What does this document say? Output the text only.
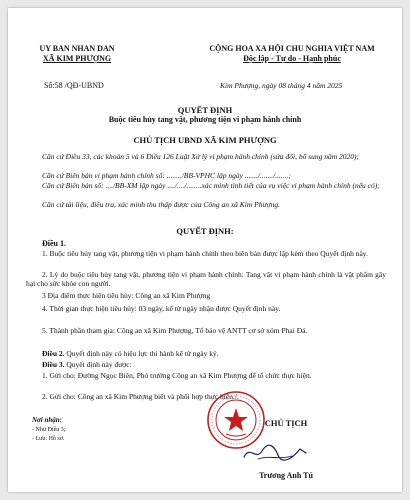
UY BAN NHAN DAN
XÃ KIM PHƯỢNG
CỘNG HOA XA HỘI CHU NGHIA VIỆT NAM
Độc lập - Tự do - Hạnh phúc
Số:58 /QĐ-UBND	Kim Phượng, ngày 08 tháng 4 năm 2025
QUYẾT ĐỊNH
Buộc tiêu hủy tang vật, phương tiện vi phạm hành chính
CHỦ TỊCH UBND XÃ KIM PHƯỢNG
Căn cứ Điều 33, các khoản 5 và 6 Điều 126 Luật Xử lý vi phạm hành chính (sửa đổi, bổ sung năm 2020);
Căn cứ Biên bản vi phạm hành chính số: ......../BB-VPHC lập ngày ......./......./.......;
Căn cứ Biên bản số: ..../BB-XM lập ngày ..../..../........xác minh tình tiết của vụ việc vi phạm hành chính (nếu có);
Căn cứ tài liệu, điều tra, xác minh thu thập được của Công an xã Kim Phượng.
QUYẾT ĐỊNH:
Điều 1.
1. Buộc tiêu hủy tang vật, phương tiện vi phạm hành chính theo biên bản được lập kèm theo Quyết định này.
2. Lý do buộc tiêu hủy tang vật, phương tiện vi phạm hành chính: Tang vật vi phạm hành chính là vật phẩm gây hại cho sức khỏe con người.
3 Địa điểm thực hiện tiêu hủy: Công an xã Kim Phượng
4. Thời gian thực hiện tiêu hủy: 03 ngày, kể từ ngày nhận được Quyết định này.
5. Thành phần tham gia: Công an xã Kim Phượng, Tổ bảo vệ ANTT cơ sở xóm Phai Đá.
Điều 2. Quyết định này có hiệu lực thi hành kể từ ngày ký.
Điều 3. Quyết định này được:
1. Gửi cho: Đường Ngọc Biên, Phó trưởng Công an xã Kim Phượng để tổ chức thực hiện.
2. Gửi cho: Công an xã Kim Phượng biết và phối hợp thực hiện./.
Nơi nhận:
- Như Điều 3;
- Lưu: Hồ sơ.
CHỦ TỊCH
Trương Anh Tú
